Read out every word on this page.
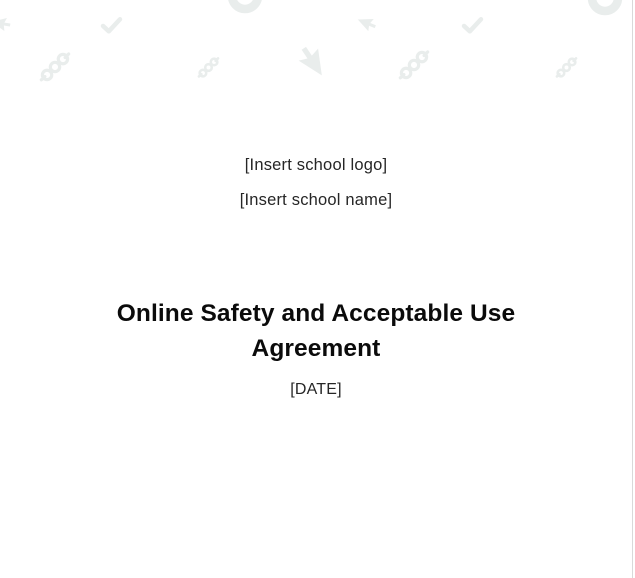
[Insert school logo]

[Insert school name]

Online Safety and Acceptable Use
Agreement

[DATE]
